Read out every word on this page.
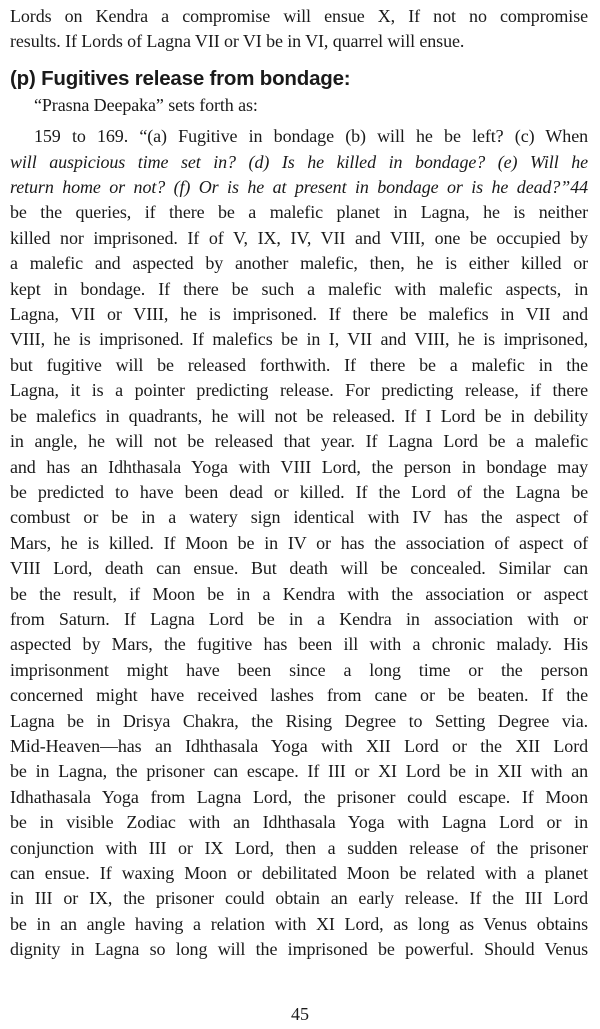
Lords on Kendra a compromise will ensue X, If not no compromise
results. If Lords of Lagna VII or VI be in VI, quarrel will ensue.
(p) Fugitives release from bondage:
“Prasna Deepaka” sets forth as:
159 to 169. “(a) Fugitive in bondage (b) will he be left? (c) When
will auspicious time set in? (d) Is he killed in bondage? (e) Will he
return home or not? (f) Or is he at present in bondage or is he dead?”44
be the queries, if there be a malefic planet in Lagna, he is neither
killed nor imprisoned. If of V, IX, IV, VII and VIII, one be occupied by
a malefic and aspected by another malefic, then, he is either killed or
kept in bondage. If there be such a malefic with malefic aspects, in
Lagna, VII or VIII, he is imprisoned. If there be malefics in VII and
VIII, he is imprisoned. If malefics be in I, VII and VIII, he is imprisoned,
but fugitive will be released forthwith. If there be a malefic in the
Lagna, it is a pointer predicting release. For predicting release, if there
be malefics in quadrants, he will not be released. If I Lord be in debility
in angle, he will not be released that year. If Lagna Lord be a malefic
and has an Idhthasala Yoga with VIII Lord, the person in bondage may
be predicted to have been dead or killed. If the Lord of the Lagna be
combust or be in a watery sign identical with IV has the aspect of
Mars, he is killed. If Moon be in IV or has the association of aspect of
VIII Lord, death can ensue. But death will be concealed. Similar can
be the result, if Moon be in a Kendra with the association or aspect
from Saturn. If Lagna Lord be in a Kendra in association with or
aspected by Mars, the fugitive has been ill with a chronic malady. His
imprisonment might have been since a long time or the person
concerned might have received lashes from cane or be beaten. If the
Lagna be in Drisya Chakra, the Rising Degree to Setting Degree via.
Mid-Heaven—has an Idhthasala Yoga with XII Lord or the XII Lord
be in Lagna, the prisoner can escape. If III or XI Lord be in XII with an
Idhathasala Yoga from Lagna Lord, the prisoner could escape. If Moon
be in visible Zodiac with an Idhthasala Yoga with Lagna Lord or in
conjunction with III or IX Lord, then a sudden release of the prisoner
can ensue. If waxing Moon or debilitated Moon be related with a planet
in III or IX, the prisoner could obtain an early release. If the III Lord
be in an angle having a relation with XI Lord, as long as Venus obtains
dignity in Lagna so long will the imprisoned be powerful. Should Venus
45
